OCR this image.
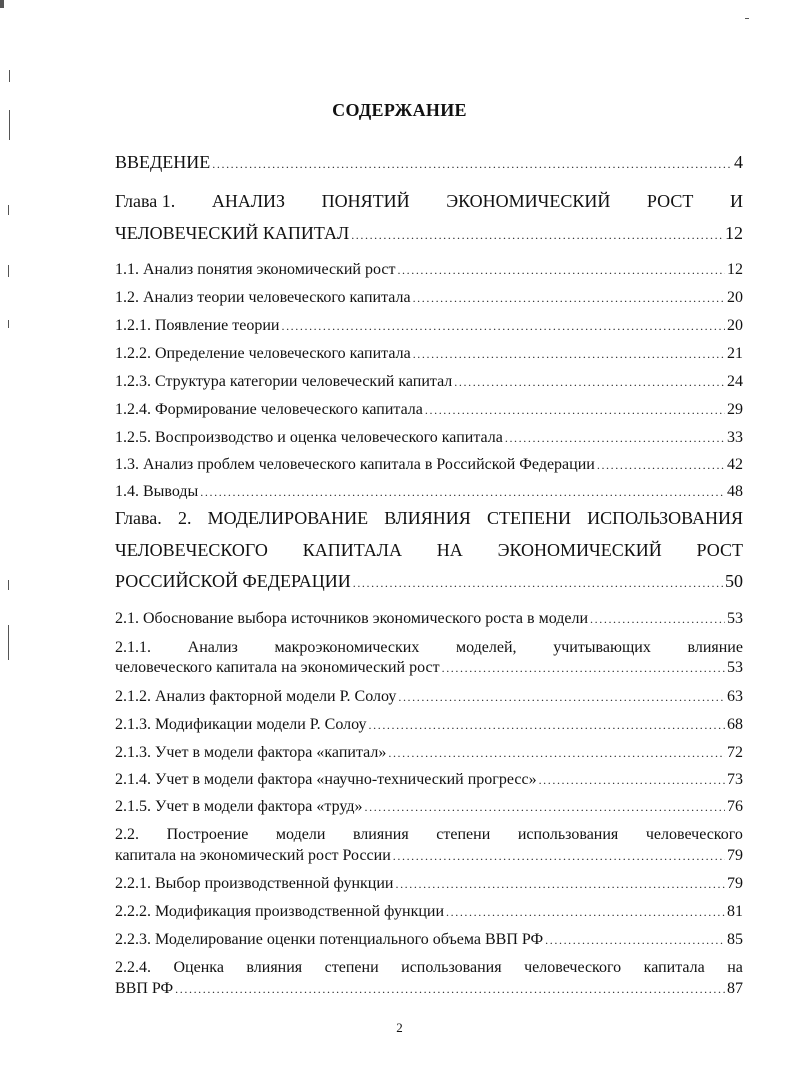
СОДЕРЖАНИЕ
ВВЕДЕНИЕ .....	4
Глава 1. АНАЛИЗ ПОНЯТИЙ ЭКОНОМИЧЕСКИЙ РОСТ И
ЧЕЛОВЕЧЕСКИЙ КАПИТАЛ .....	12
1.1. Анализ понятия экономический рост .....	12
1.2. Анализ теории человеческого капитала .....	20
1.2.1. Появление теории .....	20
1.2.2. Определение человеческого капитала .....	21
1.2.3. Структура категории человеческий капитал .....	24
1.2.4. Формирование человеческого капитала .....	29
1.2.5. Воспроизводство и оценка человеческого капитала .....	33
1.3. Анализ проблем человеческого капитала в Российской Федерации .....	42
1.4. Выводы .....	48
Глава. 2. МОДЕЛИРОВАНИЕ ВЛИЯНИЯ СТЕПЕНИ ИСПОЛЬЗОВАНИЯ
ЧЕЛОВЕЧЕСКОГО КАПИТАЛА НА ЭКОНОМИЧЕСКИЙ РОСТ
РОССИЙСКОЙ ФЕДЕРАЦИИ .....	50
2.1. Обоснование выбора источников экономического роста в модели .....	53
2.1.1. Анализ макроэкономических моделей, учитывающих влияние
человеческого капитала на экономический рост .....	53
2.1.2. Анализ факторной модели Р. Солоу .....	63
2.1.3. Модификации модели Р. Солоу .....	68
2.1.3. Учет в модели фактора «капитал» .....	72
2.1.4. Учет в модели фактора «научно-технический прогресс» .....	73
2.1.5. Учет в модели фактора «труд» .....	76
2.2. Построение модели влияния степени использования человеческого
капитала на экономический рост России .....	79
2.2.1. Выбор производственной функции .....	79
2.2.2. Модификация производственной функции .....	81
2.2.3. Моделирование оценки потенциального объема ВВП РФ .....	85
2.2.4. Оценка влияния степени использования человеческого капитала на
ВВП РФ .....	87
2
